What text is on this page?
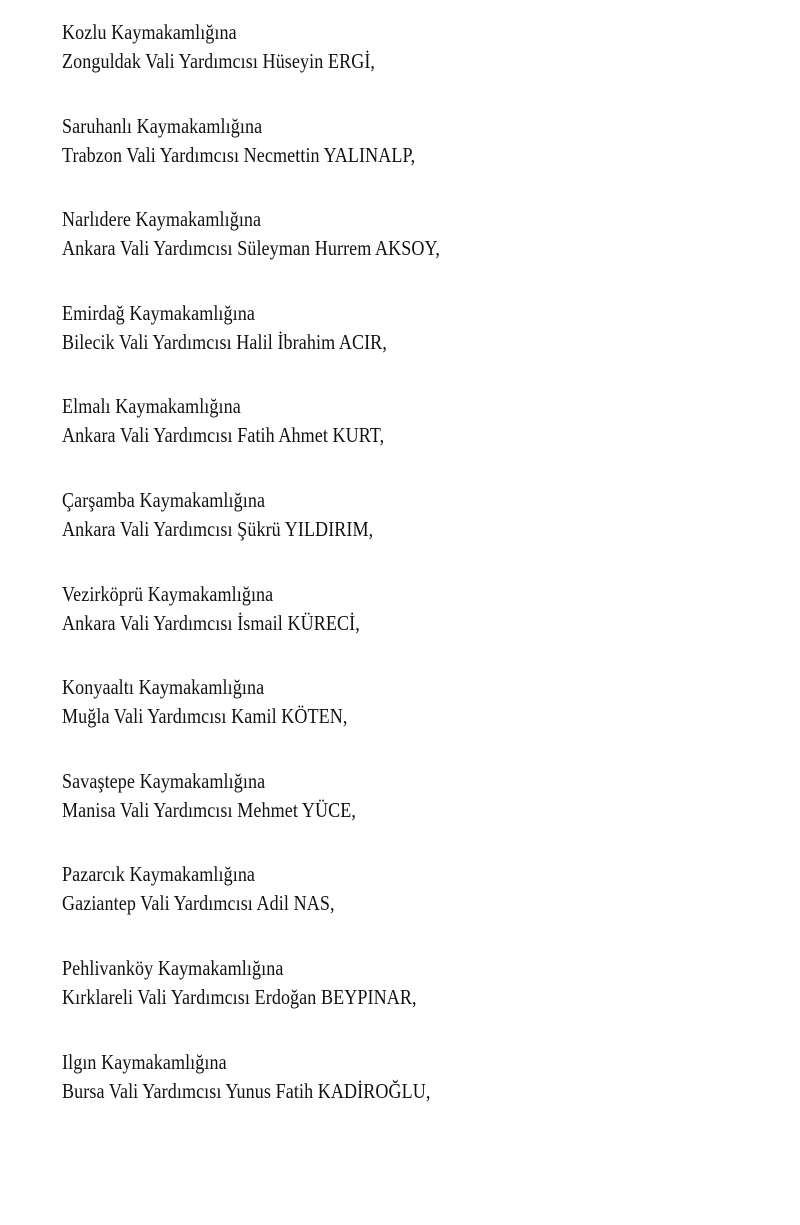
Kozlu Kaymakamlığına
Zonguldak Vali Yardımcısı Hüseyin ERGİ,
Saruhanlı Kaymakamlığına
Trabzon Vali Yardımcısı Necmettin YALINALP,
Narlıdere Kaymakamlığına
Ankara Vali Yardımcısı Süleyman Hurrem AKSOY,
Emirdağ Kaymakamlığına
Bilecik Vali Yardımcısı Halil İbrahim ACIR,
Elmalı Kaymakamlığına
Ankara Vali Yardımcısı Fatih Ahmet KURT,
Çarşamba Kaymakamlığına
Ankara Vali Yardımcısı Şükrü YILDIRIM,
Vezirköprü Kaymakamlığına
Ankara Vali Yardımcısı İsmail KÜRECİ,
Konyaaltı Kaymakamlığına
Muğla Vali Yardımcısı Kamil KÖTEN,
Savaştepe Kaymakamlığına
Manisa Vali Yardımcısı Mehmet YÜCE,
Pazarcık Kaymakamlığına
Gaziantep Vali Yardımcısı Adil NAS,
Pehlivanköy Kaymakamlığına
Kırklareli Vali Yardımcısı Erdoğan BEYPINAR,
Ilgın Kaymakamlığına
Bursa Vali Yardımcısı Yunus Fatih KADİROĞLU,
